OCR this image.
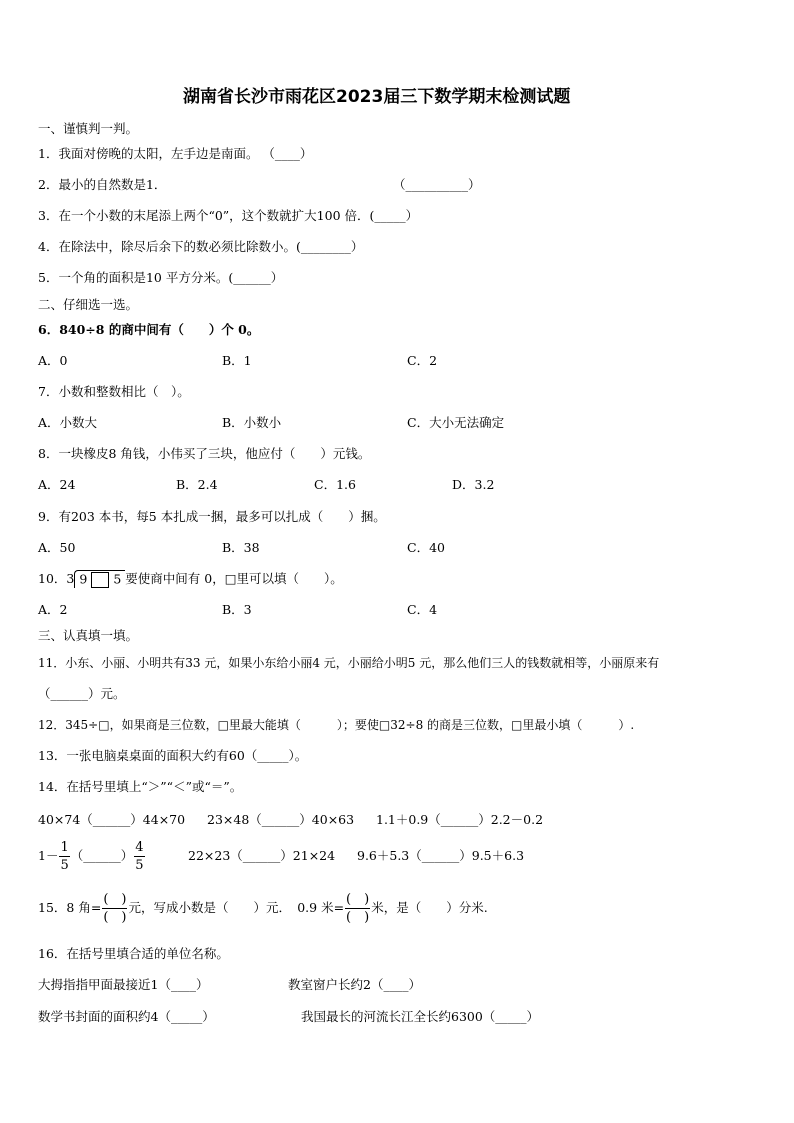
湖南省长沙市雨花区2023届三下数学期末检测试题
一、谨慎判一判。
1．我面对傍晚的太阳，左手边是南面。 （____）
2．最小的自然数是1．	（__________）
3．在一个小数的末尾添上两个“0”，这个数就扩大100 倍．(_____）
4．在除法中，除尽后余下的数必须比除数小。(________）
5．一个角的面积是10 平方分米。(______）
二、仔细选一选。
6．840÷8 的商中间有（　　）个 0。
A．0	B．1	C．2
7．小数和整数相比（　）。
A．小数大	B．小数小	C．大小无法确定
8．一块橡皮8 角钱，小伟买了三块，他应付（　　）元钱。
A．24	B．2.4	C．1.6	D．3.2
9．有203 本书，每5 本扎成一捆，最多可以扎成（　　）捆。
A．50	B．38	C．40
10．3 9 5 要使商中间有 0，□里可以填（　　）。
A．2	B．3	C．4
三、认真填一填。
11．小东、小丽、小明共有33 元，如果小东给小丽4 元，小丽给小明5 元，那么他们三人的钱数就相等，小丽原来有
（______）元。
12．345÷□，如果商是三位数，□里最大能填（　　　）；要使□32÷8 的商是三位数，□里最小填（　　　）.
13．一张电脑桌桌面的面积大约有60（_____）。
14．在括号里填上“＞”“＜”或“＝”。
40×74（______）44×70 23×48（______）40×63 1.1＋0.9（______）2.2－0.2
$1- \frac{1}{5}$ （______） $\frac{4}{5}$	22×23（______）21×24 9.6＋5.3（______）9.5＋6.3
15．8 角= $\frac{( )}{( )}$ 元，写成小数是（　　）元．　0.9 米= $\frac{( )}{( )}$ 米，是（　　）分米.
16．在括号里填合适的单位名称。
大拇指指甲面最接近1（____）	教室窗户长约2（____）
数学书封面的面积约4（_____）	我国最长的河流长江全长约6300（_____）
